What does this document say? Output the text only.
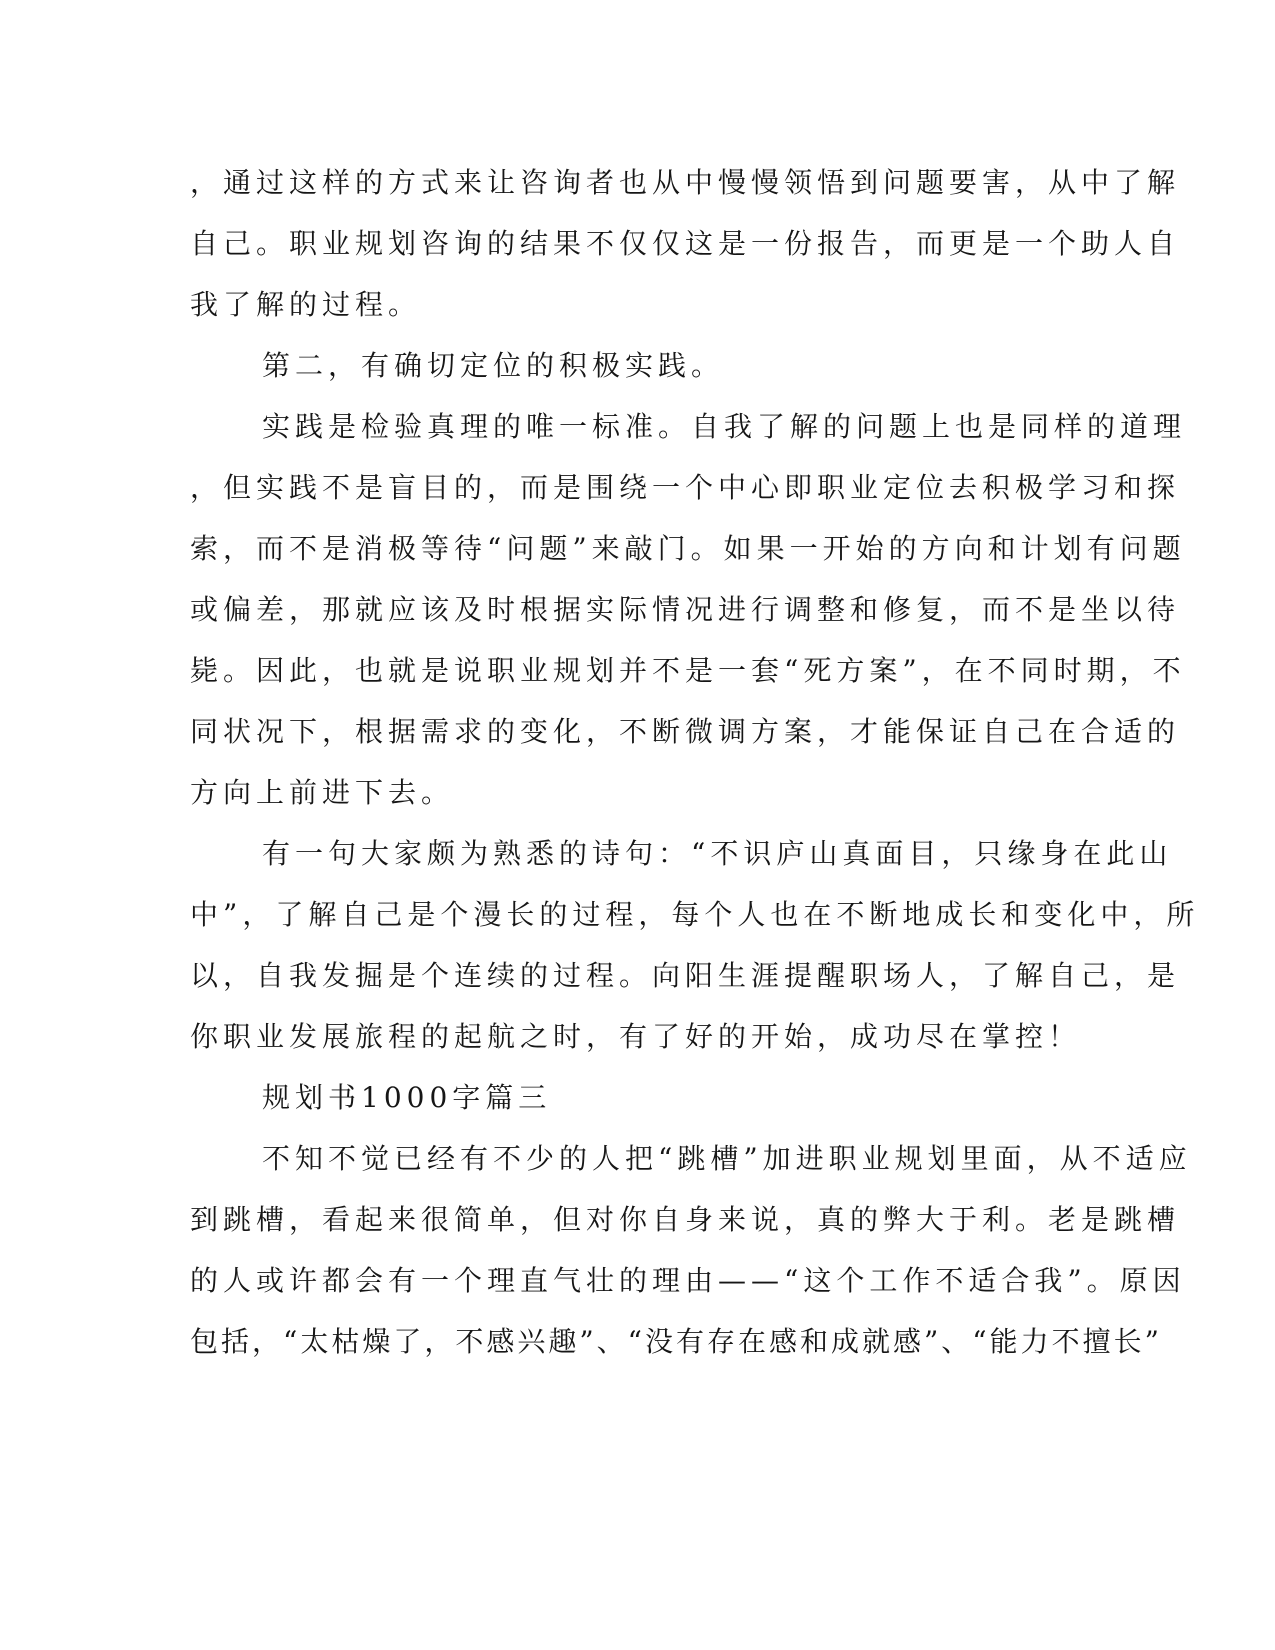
，通过这样的方式来让咨询者也从中慢慢领悟到问题要害，从中了解
自己。职业规划咨询的结果不仅仅这是一份报告，而更是一个助人自
我了解的过程。
第二，有确切定位的积极实践。
实践是检验真理的唯一标准。自我了解的问题上也是同样的道理
，但实践不是盲目的，而是围绕一个中心即职业定位去积极学习和探
索，而不是消极等待“问题”来敲门。如果一开始的方向和计划有问题
或偏差，那就应该及时根据实际情况进行调整和修复，而不是坐以待
毙。因此，也就是说职业规划并不是一套“死方案”，在不同时期，不
同状况下，根据需求的变化，不断微调方案，才能保证自己在合适的
方向上前进下去。
有一句大家颇为熟悉的诗句：“不识庐山真面目，只缘身在此山
中”，了解自己是个漫长的过程，每个人也在不断地成长和变化中，所
以，自我发掘是个连续的过程。向阳生涯提醒职场人，了解自己，是
你职业发展旅程的起航之时，有了好的开始，成功尽在掌控！
规划书1000字篇三
不知不觉已经有不少的人把“跳槽”加进职业规划里面，从不适应
到跳槽，看起来很简单，但对你自身来说，真的弊大于利。老是跳槽
的人或许都会有一个理直气壮的理由——“这个工作不适合我”。原因
包括，“太枯燥了，不感兴趣”、“没有存在感和成就感”、“能力不擅长”
